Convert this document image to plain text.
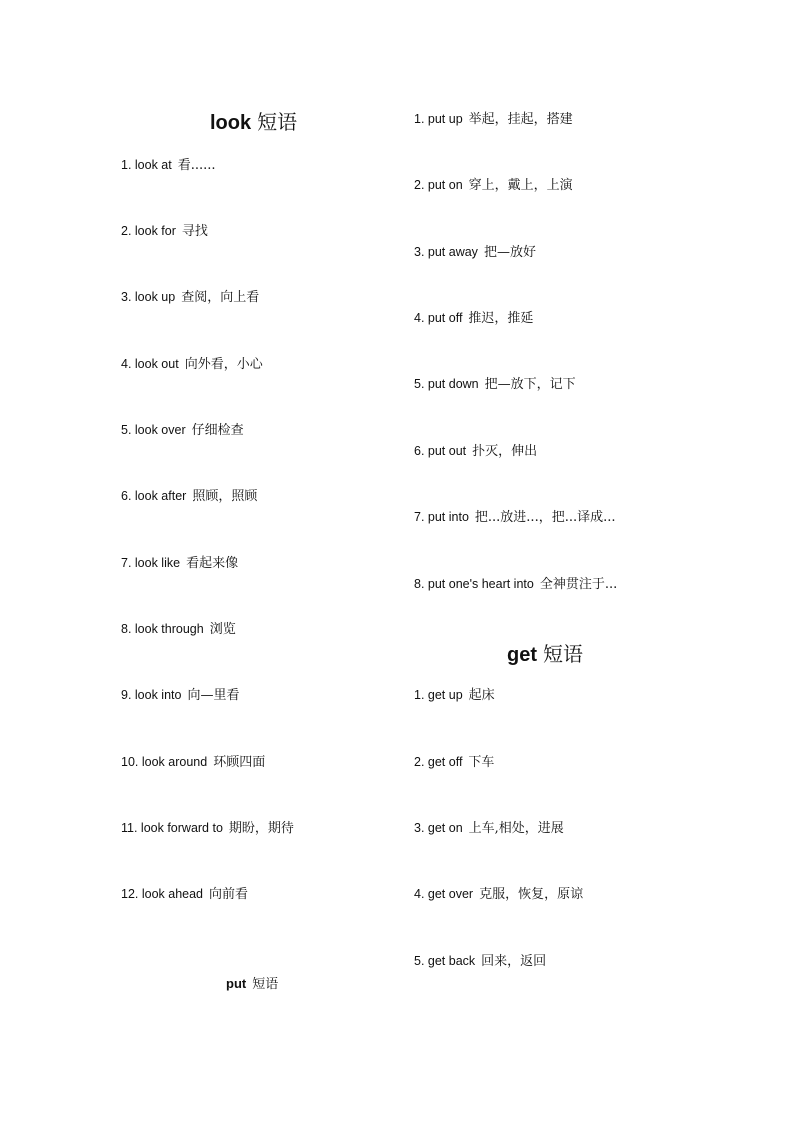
look 短语
1. look at 看......
2. look for 寻找
3. look up 查阅，向上看
4. look out 向外看，小心
5. look over 仔细检查
6. look after 照顾，照顾
7. look like 看起来像
8. look through 浏览
9. look into 向—里看
10. look around 环顾四面
11. look forward to 期盼，期待
12. look ahead 向前看
put 短语
1. put up 举起，挂起，搭建
2. put on 穿上，戴上，上演
3. put away 把—放好
4. put off 推迟，推延
5. put down 把—放下，记下
6. put out 扑灭，伸出
7. put into 把...放进...，把...译成...
8. put one's heart into 全神贯注于...
get 短语
1. get up 起床
2. get off 下车
3. get on 上车,相处，进展
4. get over 克服，恢复，原谅
5. get back 回来，返回
